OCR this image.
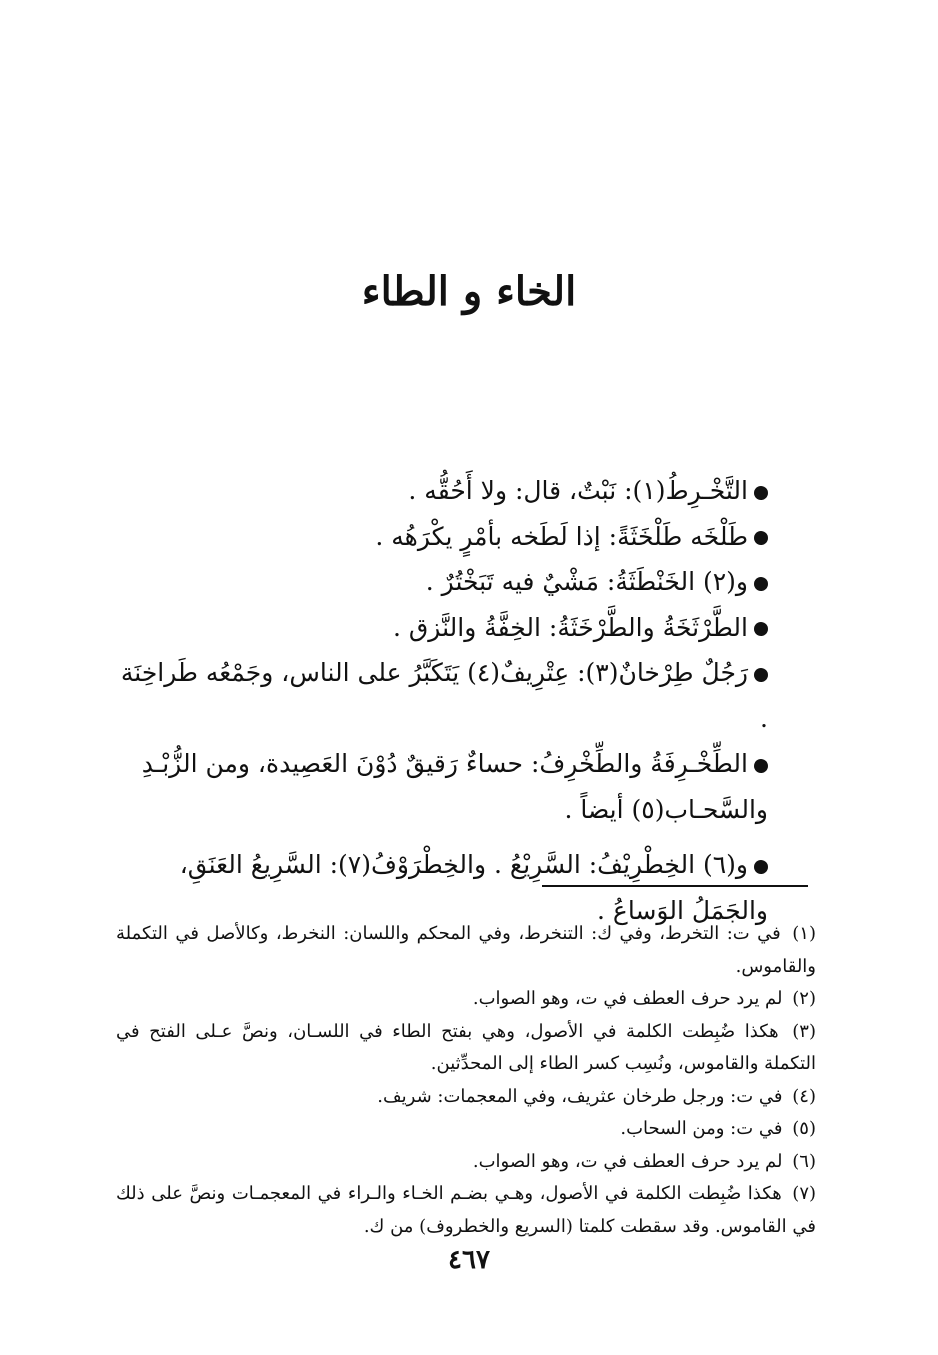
الخاء و الطاء
التَّخْـرِطُ(١): نَبْتٌ، قال: ولا أَحُقُّه .
طَلْخَه طَلْخَثَةً: إذا لَطَخه بأمْرٍ يكْرَهُه .
و(٢) الخَنْطَثَةُ: مَشْيٌ فيه تَبَخْتُرٌ .
الطَّرْثَخَةُ والطَّرْخَثَةُ: الخِفَّةُ والنَّزق .
رَجُلٌ طِرْخانٌ(٣): عِتْرِيفٌ(٤) يَتَكَبَّرُ على الناس، وجَمْعُه طَراخِنَة .
الطِّخْـرِفَةُ والطِّخْرِفُ: حساءٌ رَقيقٌ دُوْنَ العَصِيدة، ومن الزُّبْـدِ والسَّحـاب(٥) أيضاً .
و(٦) الخِطْرِيْفُ: السَّرِيْعُ . والخِطْرَوْفُ(٧): السَّرِيعُ العَنَقِ، والجَمَلُ الوَساعُ .
(١) في ت: التخرط، وفي ك: التنخرط، وفي المحكم واللسان: النخرط، وكالأصل في التكملة والقاموس.
(٢) لم يرد حرف العطف في ت، وهو الصواب.
(٣) هكذا ضُبِطت الكلمة في الأصول، وهي بفتح الطاء في اللسـان، ونصَّ عـلى الفتح في التكملة والقاموس، ونُسِب كسر الطاء إلى المحدِّثين.
(٤) في ت: ورجل طرخان عثريف، وفي المعجمات: شريف.
(٥) في ت: ومن السحاب.
(٦) لم يرد حرف العطف في ت، وهو الصواب.
(٧) هكذا ضُبِطت الكلمة في الأصول، وهـي بضـم الخـاء والـراء في المعجمـات ونصَّ على ذلك في القاموس. وقد سقطت كلمتا (السريع والخطروف) من ك.
٤٦٧
